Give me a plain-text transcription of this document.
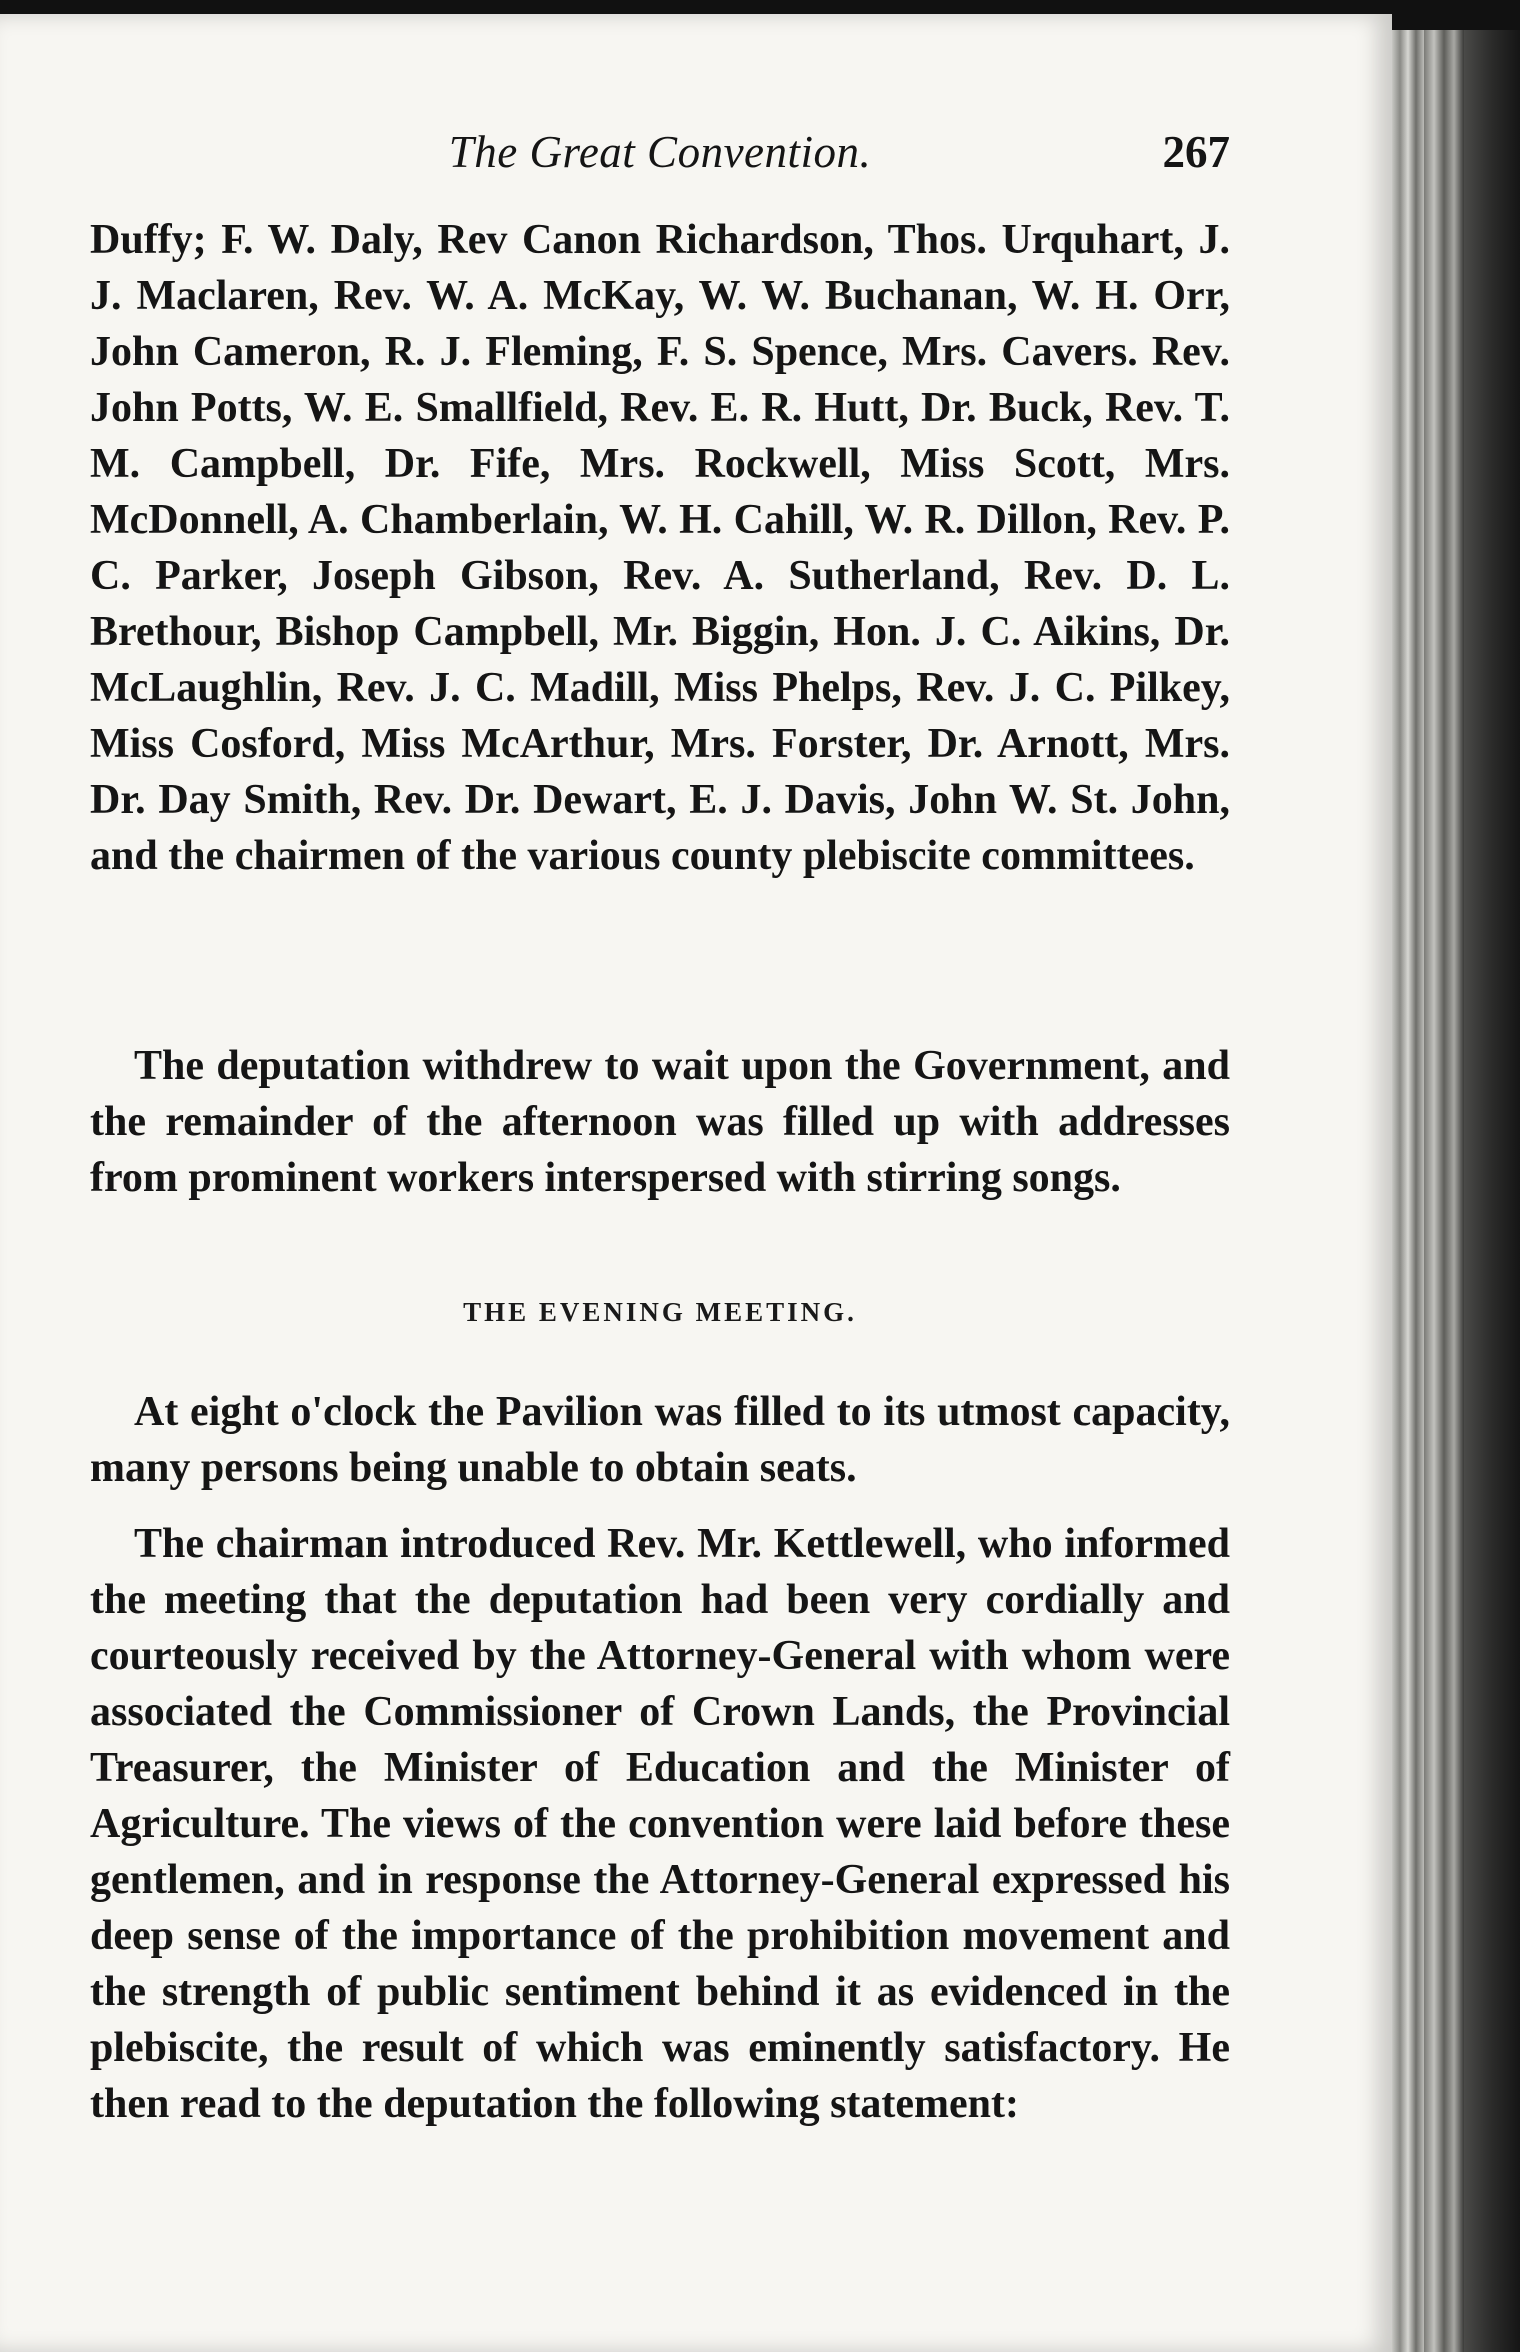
The Great Convention.	267

Duffy; F. W. Daly, Rev Canon Richardson, Thos. Urquhart, J. J. Maclaren, Rev. W. A. McKay, W. W. Buchanan, W. H. Orr, John Cameron, R. J. Fleming, F. S. Spence, Mrs. Cavers. Rev. John Potts, W. E. Smallfield, Rev. E. R. Hutt, Dr. Buck, Rev. T. M. Campbell, Dr. Fife, Mrs. Rockwell, Miss Scott, Mrs. McDonnell, A. Chamberlain, W. H. Cahill, W. R. Dillon, Rev. P. C. Parker, Joseph Gibson, Rev. A. Sutherland, Rev. D. L. Brethour, Bishop Campbell, Mr. Biggin, Hon. J. C. Aikins, Dr. McLaughlin, Rev. J. C. Madill, Miss Phelps, Rev. J. C. Pilkey, Miss Cosford, Miss McArthur, Mrs. Forster, Dr. Arnott, Mrs. Dr. Day Smith, Rev. Dr. Dewart, E. J. Davis, John W. St. John, and the chairmen of the various county plebiscite committees.

The deputation withdrew to wait upon the Government, and the remainder of the afternoon was filled up with addresses from prominent workers interspersed with stirring songs.

THE EVENING MEETING.

At eight o'clock the Pavilion was filled to its utmost capacity, many persons being unable to obtain seats.

The chairman introduced Rev. Mr. Kettlewell, who informed the meeting that the deputation had been very cordially and courteously received by the Attorney-General with whom were associated the Commissioner of Crown Lands, the Provincial Treasurer, the Minister of Education and the Minister of Agriculture. The views of the convention were laid before these gentlemen, and in response the Attorney-General expressed his deep sense of the importance of the prohibition movement and the strength of public sentiment behind it as evidenced in the plebiscite, the result of which was eminently satisfactory. He then read to the deputation the following statement:
